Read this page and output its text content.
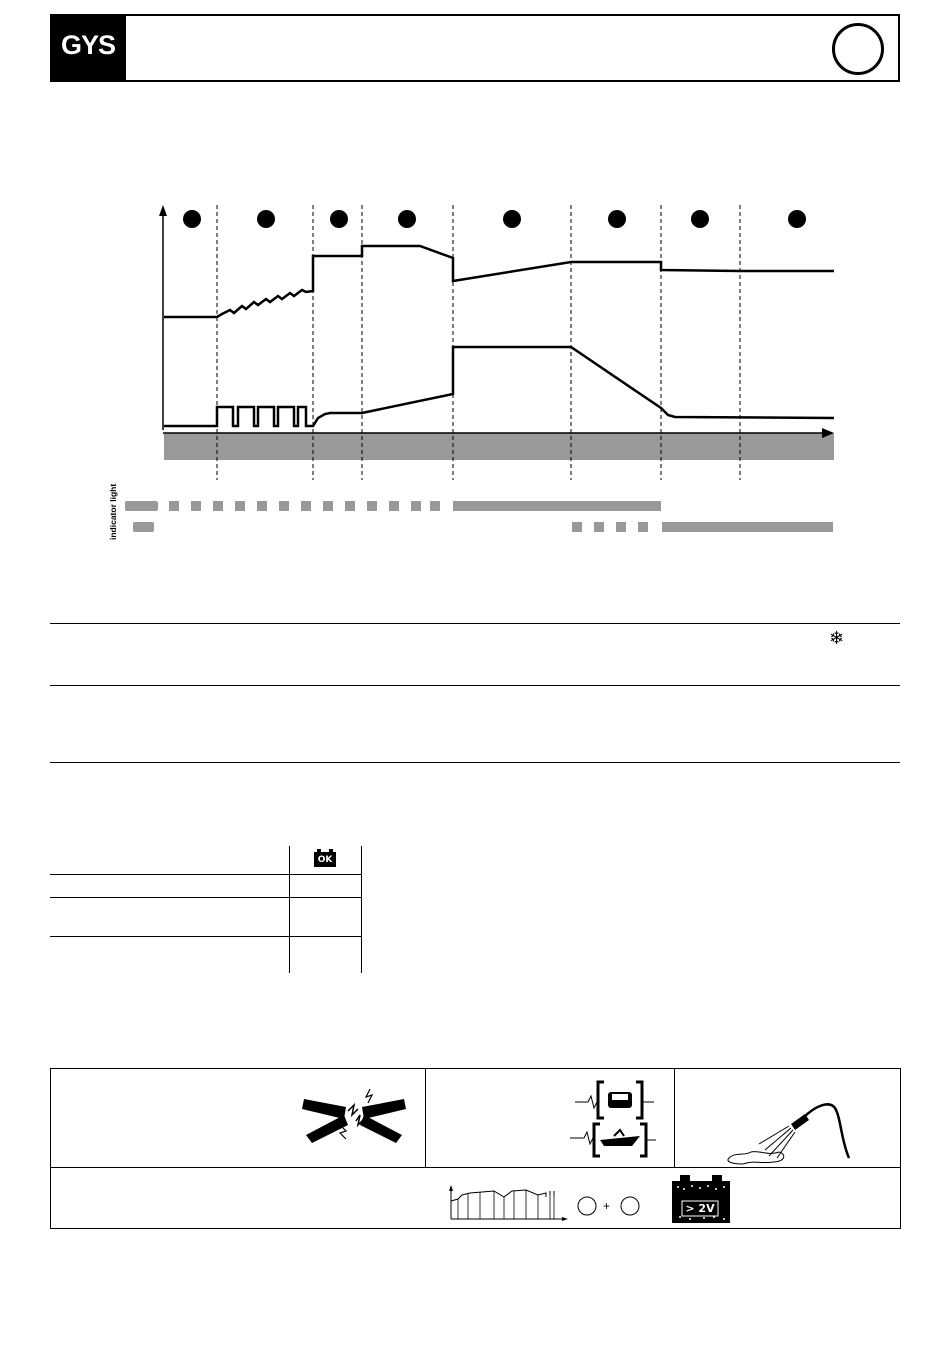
GYS
indicator light
❄
OK
+	> 2V
